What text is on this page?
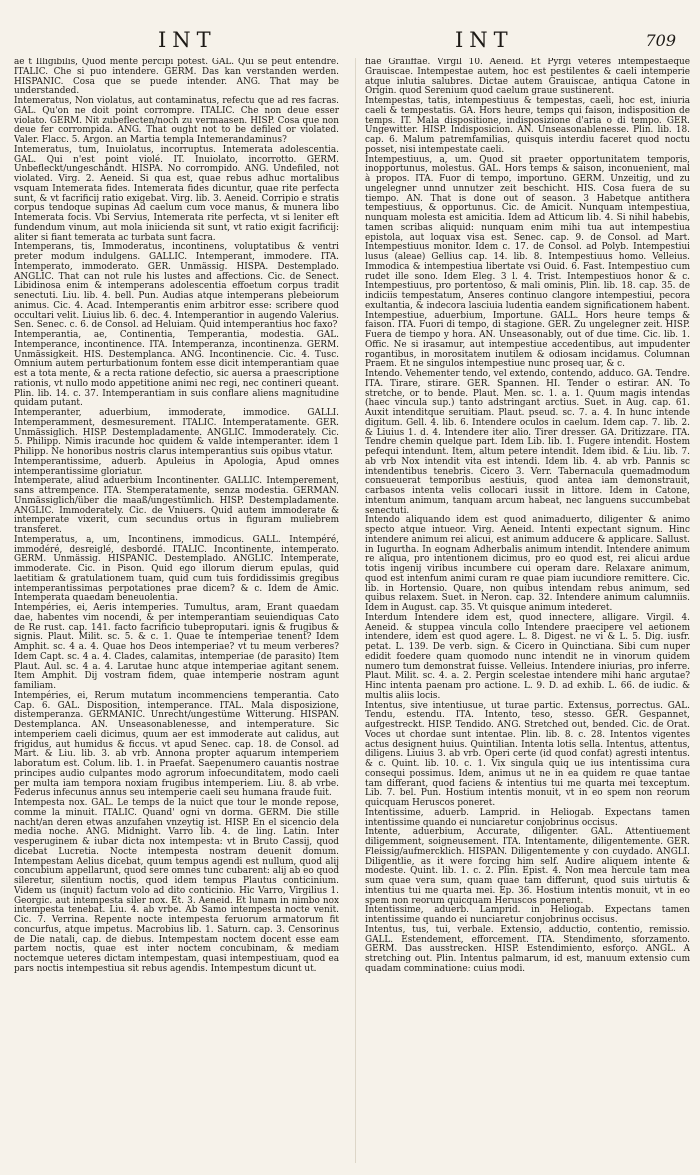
INT	INT	709

ae t Illigibilis, Quod mente percipi potest. GAL. Qui se peut entendre. ITALIC. Che si puo intendere. GERM. Das kan verstanden werden. HISPANIC. Cosa que se puede intender. ANG. That may be understanded.

Intemeratus, Non violatus, aut contaminatus, refectu que ad res facras. GAL. Qu'on ne doit point corrompre. ITALIC. Che non deue esser violato. GERM. Nit zubeflecten/noch zu vermaasen. HISP. Cosa que non deue fer corrompida. ANG. That ought not to be defiled or violated. Valer. Flacc. 5. Argon. an Martia templa Intemerandaminus?

Intemeratus, tum, Inuiolatus, incorruptus. Intemerata adolescentia. GAL. Qui n'est point violé. IT. Inuiolato, incorrotto. GERM. Unbefleckt/ungeschändt. HISPA. No corrompido. ANG. Undefiled, not violated. Virg. 2. Aeneid. Si qua est, quae rebus adhuc mortalibus vsquam Intemerata fides. Intemerata fides dicuntur, quae rite perfecta sunt, & vt facrificij ratio exigebat. Virg. lib. 3. Aeneid. Corripio e stratis corpus tendoque supinas Ad caelum cum voce manus, & munera libo Intemerata focis. Vbi Servius, Intemerata rite perfecta, vt si leniter eft fundendum vinum, aut mola iniicienda sit sunt, vt ratio exigit facrificij: aliter si fiant temerata ac turbata sunt facra.

Intemperans, tis, Immoderatus, incontinens, voluptatibus & ventri preter modum indulgens. GALLIC. Intemperant, immodere. ITA. Intemperato, immoderato. GER. Unmässig. HISPA. Destemplado. ANGLIC. That can not rule his lustes and affections. Cic. de Senect. Libidinosa enim & intemperans adolescentia effoetum corpus tradit senectuti. Liu. lib. 4. bell. Pun. Audias atque intemperans plebeiorum animus. Cic. 4. Acad. Intemperantis enim arbitror esse: scribere quod occultari velit. Liuius lib. 6. dec. 4. Intemperantior in augendo Valerius. Sen. Senec. c. 6. de Consol. ad Heluiam. Quid intemperantius hoc faxo?

Intemperantia, ae, Continentia, Temperantia, modestia. GAL. Intemperance, incontinence. ITA. Intemperanza, incontinenza. GERM. Unmässigkeit. HIS. Destemplanca. ANG. Incontinencie. Cic. 4. Tusc. Omnium autem perturbationum fontem esse dicit intemperantiam quae est a tota mente, & a recta ratione defectio, sic auersa a praescriptione rationis, vt nullo modo appetitione animi nec regi, nec contineri queant. Plin. lib. 14. c. 37. Intemperantiam in suis conflare aliens magnitudine quidam putant.

Intemperanter, aduerbium, immoderate, immodice. GALLI. Intemperamment, desmesurement. ITALIC. Intemperatamente. GER. Unmässiglich. HISP. Destempladamente. ANGLIC. Immoderately. Cic. 5. Philipp. Nimis iracunde hoc quidem & valde intemperanter. idem 1 Philipp. Ne honoribus nostris clarus intemperantius suis opibus vtatur.

Intemperantissime, aduerb. Apuleius in Apologia, Apud omnes intemperantissime gloriatur.

Intemperate, aliud aduerbium Incontinenter. GALLIC. Intemperement, sans attrempence. ITA. Stemperatamente, senza modestia. GERMAN. Unmässiglich/über die maaß/ungestümlich. HISP. Destempladamente. ANGLIC. Immoderately. Cic. de Vniuers. Quid autem immoderate & intemperate vixerit, cum secundus ortus in figuram muliebrem transferet.

Intemperatus, a, um, Incontinens, immodicus. GALL. Intempéré, immodéré, desreiglé, desbordé. ITALIC. Incontinente, intemperato. GERM. Unmässig. HISPANIC. Destemplado. ANGLIC. Intemperate, immoderate. Cic. in Pison. Quid ego illorum dierum epulas, quid laetitiam & gratulationem tuam, quid cum tuis fordidissimis gregibus intemperantissimas perpotationes prae dicem? & c. Idem de Amic. Intemperata quaedam beneuolentia.

Intempéries, ei, Aeris intemperies. Tumultus, aram, Erant quaedam dae, habentes vim nocendi, & per intemperantiam seuiendiquas Cato de Re rust. cap. 141. facto facrificio tubeproputari. ignis & frugibus & signis. Plaut. Milit. sc. 5. & c. 1. Quae te intemperiae tenent? Idem Amphit. sc. 4 a. 4. Quae hos Deos intemperiae? vt tu meum verberes? Idem Capt. sc. 4 a. 4. Clades, calamitas, intemperiae (de parasito) Item Plaut. Aul. sc. 4 a. 4. Larutae hunc atque intemperiae agitant senem. Item Amphit. Dij vostram fidem, quae intemperie nostram agunt familiam.

Intempéries, ei, Rerum mutatum incommenciens temperantia. Cato Cap. 6. GAL. Disposition, intemperance. ITAL. Mala disposizione, distemperanza. GERMANIC. Unrecht/ungestüme Witterung. HISPAN. Destemplanca. AN. Unseasonablenesse, and intemperature. Sic intemperiem caeli dicimus, quum aer est immoderate aut calidus, aut frigidus, aut humidus & ficcus. vt apud Senec. cap. 18. de Consol. ad Mart. & Liu. lib. 3. ab vrb. Annona propter aquarum intemperiem laboratum est. Colum. lib. 1. in Praefat. Saepenumero cauantis nostrae principes audio culpantes modo agrorum infoecunditatem, modo caeli per multa iam tempora noxiam frugibus intemperiem. Liu. 8. ab vrbe. Federus infecunus annus seu intemperie caeli seu humana fraude fuit.

Intempesta nox. GAL. Le temps de la nuict que tour le monde repose, comme la minuit. ITALIC. Quand' ogni vn dorma. GERM. Die stille nacht/an deren etwas anzufahen vnzeytig ist. HISP. En el sicencio dela media noche. ANG. Midnight. Varro lib. 4. de ling. Latin. Inter vesperuginem & iubar dicta nox intempesta: vt in Bruto Cassij, quod dicebat Lucretia. Nocte intempesta nostram deuenit domum. Intempestam Aelius dicebat, quum tempus agendi est nullum, quod alij concubium appellarunt, quod sere omnes tunc cubarent: alij ab eo quod sileretur, silentium noctis, quod idem tempus Plautus conticinium. Videm us (inquit) factum volo ad dito conticinio. Hic Varro, Virgilius 1. Georgic. aut intempesta siler nox. Et. 3. Aeneid. Et lunam in nimbo nox intempesta tenebat. Liu. 4. ab vrbe. Ab Samo intempesta nocte venit. Cic. 7. Verrina. Repente nocte intempesta feruorum armatorum fit concurfus, atque impetus. Macrobius lib. 1. Saturn. cap. 3. Censorinus de Die natali, cap. de diebus. Intempestam noctem docent esse eam partem noctis, quae est inter noctem concubinam, & mediam noctemque ueteres dictam intempestam, quasi intempestiuam, quod ea pars noctis intempestiua sit rebus agendis. Intempestum dicunt ut.

fiae Graiiffae. Virgil 10. Aeneid. Et Pyrgi veteres intempestaeque Grauiscae. Intempestae autem, hoc est pestilentes & caeli intemperie atque inlutia salubres. Dictae autem Grauiscae, antiqua Catone in Origin. quod Serenium quod caelum graue sustinerent.

Intempestas, tatis, intempestiuus & tempestas, caeli, hoc est, iniuria caeli & tempestatis. GA. Hors heure, temps qui faison, indisposition de temps. IT. Mala dispositione, indisposizione d'aria o di tempo. GER. Ungewitter. HISP. Indisposicion. AN. Unseasonablenesse. Plin. lib. 18. cap. 6. Malum patremfamilias, quisquis interdiu faceret quod noctu posset, nisi intempestate caeli.

Intempestiuus, a, um. Quod sit praeter opportunitatem temporis, inopportunus, molestus. GAL. Hors temps & saison, inconuenient, mal à propos. ITA. Fuor di tempo, importuno. GERM. Unzeitig, und zu ungelegner unnd unnutzer zeit beschicht. HIS. Cosa fuera de su tiempo. AN. That is done out of season. 3 Habetque antithera tempestiuus, & opportunus. Cic. de Amicit. Nunquam intempestiua, nunquam molesta est amicitia. Idem ad Atticum lib. 4. Si nihil habebis, tamen scribas aliquid: nunquam enim mihi tua aut intempestiua epistola, aut loquax visa est. Senec. cap. 9. de Consol. ad Mart. Intempestiuus monitor. Idem c. 17. de Consol. ad Polyb. Intempestiui lusus (aleae) Gellius cap. 14. lib. 8. Intempestiuus homo. Velleius. Immodica & intempestiua libertate vsi Ouid. 6. Fast. Intempestiuo cum rudet ille sono. Idem Eleg. 3 l. 4. Trist. Intempestiuos honor & c. Intempestiuus, pro portentoso, & mali ominis, Plin. lib. 18. cap. 35. de indiciis tempestatum, Anseres continuo clangore intempestiui, pecora exultantia, & indecora lasciuia ludentia eandem significationem habent.

Intempestiue, aduerbium, Importune. GALL. Hors heure temps & faison. ITA. Fuori di tempo, di stagione. GER. Zu ungelegner zeit. HISP. Fuera de tiempo y hora. AN. Unseasonably, out of due time. Cic. lib. 1. Offic. Ne si irasamur, aut intempestiue accedentibus, aut impudenter rogantibus, in morositatem inutilem & odiosam incidamus. Columnan Praem. Et ne singulos intempestiue nunc proseq uar, & c.

Intendo. Vehementer tendo, vel extendo, contendo, adduco. GA. Tendre. ITA. Tirare, stirare. GER. Spannen. HI. Tender o estirar. AN. To stretche, or to bende. Plaut. Men. sc. 1. a. 1. Quum magis intendas (haec vincula sup.) tanto adstringant arctius. Suet. in Aug. cap. 61. Auxit intenditque seruitiam. Plaut. pseud. sc. 7. a. 4. In hunc intende digitum. Gell. 4. lib. 6. Intendere oculos in caelum. Idem cap. 7. lib. 2. & Liuius 1. d. 4. Intendere iter alio. Tirer dresser. GA. Dritizzare. ITA. Tendre chemin quelque part. Idem Lib. lib. 1. Fugere intendit. Hostem pefequi intendunt. Item, altum petere intendit. Idem ibid. & Liu. lib. 7. ab vrb Nox intendit vita est intendi. Idem lib. 4. ab vrb. Pannis sc intendentibus tenebris. Cicero 3. Verr. Tabernacula quemadmodum consueuerat temporibus aestiuis, quod antea iam demonstrauit, carbasos intenta velis collocari iussit in littore. Idem in Catone, intentum animum, tanquam arcum habeat, nec languens succumbebat senectuti.

Intendo aliquando idem est quod animaduerto, diligenter & animo specto atque intueor. Virg. Aeneid. Intenti expectant signum. Hinc intendere animum rei alicui, est animum adducere & applicare. Sallust. in Iugurtha. In eognam Adherbalis animum intendit. Intendere animum re aliqua, pro intentionem dicimus, pro eo quod est, rei alicui ardue totis ingenij viribus incumbere cui operam dare. Relaxare animum, quod est intenfum animi curam re quae piam iucundiore remittere. Cic. lib. in Hortensio. Quare, non quibus intendam rebus animum, sed quibus relaxem. Suet. in Neron. cap. 32. Intendere animum calumniis. Idem in August. cap. 35. Vt quisque animum intederet.

Interdum Intendere idem est, quod innectere, alligare. Virgil. 4. Aeneid. & stuppea vincula collo Intendere praecipere vel aetionem intendere, idem est quod agere. L. 8. Digest. ne vi & L. 5. Dig. iusfr. petat. L. 139. De verb. sign. & Cicero in Quinctiana. Sibi cum nuper edidit foedere quam quomodo nunc intendit ne in vinorum quidem numero tum demonstrat fuisse. Velleius. Intendere iniurias, pro inferre. Plaut. Milit. sc. 4. a. 2. Pergin scelestae intendere mihi hanc argutae? Hinc intenta paenam pro actione. L. 9. D. ad exhib. L. 66. de iudic. & multis aliis locis.

Intentus, sive intentiusue, ut turae partic. Extensus, porrectus. GAL. Tendu, estendu. ITA. Intento, teso, stesso. GER. Gespannet, aufgestreckt. HISP. Tendido. ANG. Stretched out, bended. Cic. de Orat. Voces ut chordae sunt intentae. Plin. lib. 8. c. 28. Intentos vigentes actus designent huius. Quintilian. Intenta lotis sella. Intentus, attentus, diligens. Liuius 3. ab vrb. Operi certe (id quod confat) agresti intentus. & c. Quint. lib. 10. c. 1. Vix singula quiq ue ius intentissima cura consequi possimus. Idem, animus ut ne in ea quidem re quae tantae tam differant, quod faciens & intentius tui me quarta mei texceptum. Lib. 7. bel. Pun. Hostium intentis monuit, vt in eo spem non reorum quicquam Heruscos poneret.

Intentissime, aduerb. Lamprid. in Heliogab. Expectans tamen intentissime quando ei nunciaretur conjobrinus occisus.

Intente, aduerbium, Accurate, diligenter. GAL. Attentiuement diligemment, soigneusement. ITA. Intentamente, diligentemente. GER. Fleissig/aufmercklich. HISPAN. Diligentemente y con cuydado. ANGLI. Diligentlie, as it were forcing him self. Audire aliquem intente & modeste. Quint. lib. 1. c. 2. Plin. Epist. 4. Non mea hercule tam mea sum quae vera sum, quam quae tam differunt, quod suis uirtutis & intentius tui me quarta mei. Ep. 36. Hostium intentis monuit, vt in eo spem non reorum quicquam Heruscos ponerent.

Intentissime, aduerb. Lamprid. in Heliogab. Expectans tamen intentissime quando ei nunciaretur conjobrinus occisus.

Intentus, tus, tui, verbale. Extensio, adductio, contentio, remissio. GALL. Estendement, efforcement. ITA. Stendimento, sforzamento. GERM. Das ausstrecken. HISP. Estendimiento, esforço. ANGL. A stretching out. Plin. Intentus palmarum, id est, manuum extensio cum quadam comminatione: cuius modi.
